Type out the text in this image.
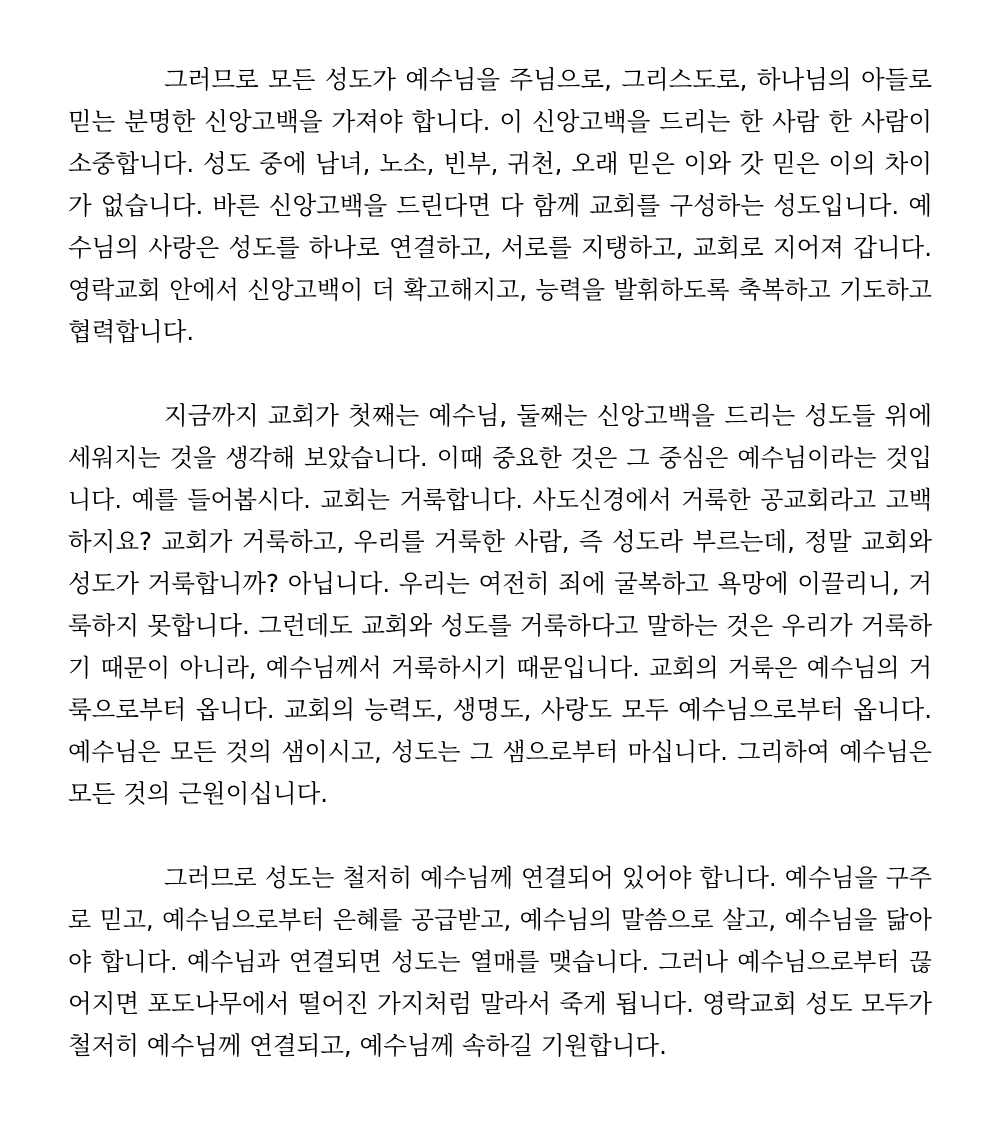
그러므로 모든 성도가 예수님을 주님으로, 그리스도로, 하나님의 아들로
믿는 분명한 신앙고백을 가져야 합니다. 이 신앙고백을 드리는 한 사람 한 사람이
소중합니다. 성도 중에 남녀, 노소, 빈부, 귀천, 오래 믿은 이와 갓 믿은 이의 차이
가 없습니다. 바른 신앙고백을 드린다면 다 함께 교회를 구성하는 성도입니다. 예
수님의 사랑은 성도를 하나로 연결하고, 서로를 지탱하고, 교회로 지어져 갑니다.
영락교회 안에서 신앙고백이 더 확고해지고, 능력을 발휘하도록 축복하고 기도하고
협력합니다.
지금까지 교회가 첫째는 예수님, 둘째는 신앙고백을 드리는 성도들 위에
세워지는 것을 생각해 보았습니다. 이때 중요한 것은 그 중심은 예수님이라는 것입
니다. 예를 들어봅시다. 교회는 거룩합니다. 사도신경에서 거룩한 공교회라고 고백
하지요? 교회가 거룩하고, 우리를 거룩한 사람, 즉 성도라 부르는데, 정말 교회와
성도가 거룩합니까? 아닙니다. 우리는 여전히 죄에 굴복하고 욕망에 이끌리니, 거
룩하지 못합니다. 그런데도 교회와 성도를 거룩하다고 말하는 것은 우리가 거룩하
기 때문이 아니라, 예수님께서 거룩하시기 때문입니다. 교회의 거룩은 예수님의 거
룩으로부터 옵니다. 교회의 능력도, 생명도, 사랑도 모두 예수님으로부터 옵니다.
예수님은 모든 것의 샘이시고, 성도는 그 샘으로부터 마십니다. 그리하여 예수님은
모든 것의 근원이십니다.
그러므로 성도는 철저히 예수님께 연결되어 있어야 합니다. 예수님을 구주
로 믿고, 예수님으로부터 은혜를 공급받고, 예수님의 말씀으로 살고, 예수님을 닮아
야 합니다. 예수님과 연결되면 성도는 열매를 맺습니다. 그러나 예수님으로부터 끊
어지면 포도나무에서 떨어진 가지처럼 말라서 죽게 됩니다. 영락교회 성도 모두가
철저히 예수님께 연결되고, 예수님께 속하길 기원합니다.
